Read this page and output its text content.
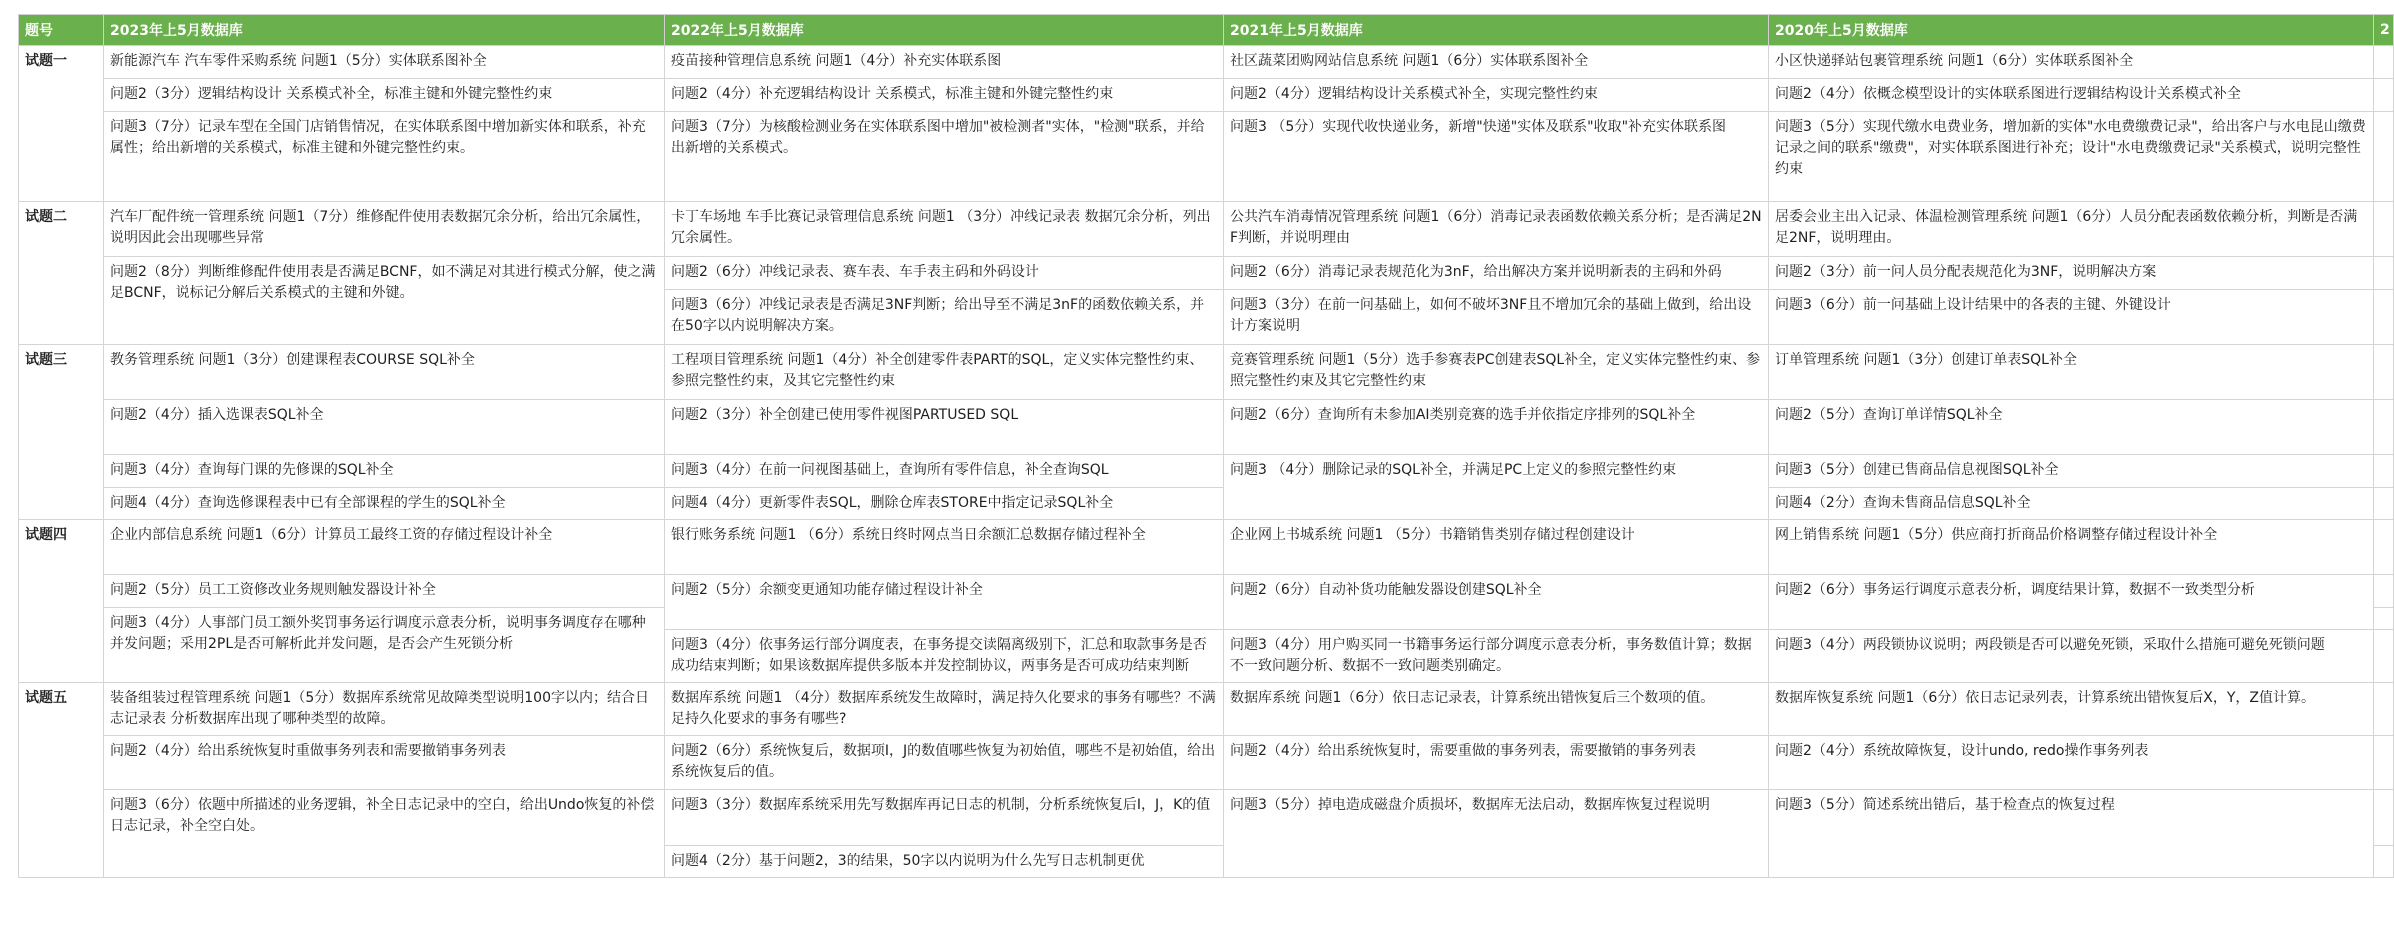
题号	2023年上5月数据库	2022年上5月数据库	2021年上5月数据库	2020年上5月数据库	2
试题一	新能源汽车 汽车零件采购系统 问题1（5分）实体联系图补全	疫苗接种管理信息系统 问题1（4分）补充实体联系图	社区蔬菜团购网站信息系统 问题1（6分）实体联系图补全	小区快递驿站包裹管理系统 问题1（6分）实体联系图补全	
	问题2（3分）逻辑结构设计 关系模式补全，标准主键和外键完整性约束	问题2（4分）补充逻辑结构设计 关系模式，标准主键和外键完整性约束	问题2（4分）逻辑结构设计关系模式补全，实现完整性约束	问题2（4分）依概念模型设计的实体联系图进行逻辑结构设计关系模式补全	
	问题3（7分）记录车型在全国门店销售情况，在实体联系图中增加新实体和联系，补充属性；给出新增的关系模式，标准主键和外键完整性约束。	问题3（7分）为核酸检测业务在实体联系图中增加"被检测者"实体，"检测"联系，并给出新增的关系模式。	问题3 （5分）实现代收快递业务，新增"快递"实体及联系"收取"补充实体联系图	问题3（5分）实现代缴水电费业务，增加新的实体"水电费缴费记录"，给出客户与水电昆山缴费记录之间的联系"缴费"，对实体联系图进行补充；设计"水电费缴费记录"关系模式，说明完整性约束	
试题二	汽车厂配件统一管理系统 问题1（7分）维修配件使用表数据冗余分析，给出冗余属性，说明因此会出现哪些异常	卡丁车场地 车手比赛记录管理信息系统 问题1 （3分）冲线记录表 数据冗余分析，列出冗余属性。	公共汽车消毒情况管理系统 问题1（6分）消毒记录表函数依赖关系分析；是否满足2NF判断，并说明理由	居委会业主出入记录、体温检测管理系统 问题1（6分）人员分配表函数依赖分析，判断是否满足2NF，说明理由。	
	问题2（8分）判断维修配件使用表是否满足BCNF，如不满足对其进行模式分解，使之满足BCNF，说标记分解后关系模式的主键和外键。	问题2（6分）冲线记录表、赛车表、车手表主码和外码设计	问题2（6分）消毒记录表规范化为3nF，给出解决方案并说明新表的主码和外码	问题2（3分）前一问人员分配表规范化为3NF，说明解决方案	
		问题3（6分）冲线记录表是否满足3NF判断；给出导至不满足3nF的函数依赖关系，并在50字以内说明解决方案。	问题3（3分）在前一问基础上，如何不破坏3NF且不增加冗余的基础上做到，给出设计方案说明	问题3（6分）前一问基础上设计结果中的各表的主键、外键设计	
试题三	教务管理系统 问题1（3分）创建课程表COURSE SQL补全	工程项目管理系统 问题1（4分）补全创建零件表PART的SQL，定义实体完整性约束、参照完整性约束，及其它完整性约束	竞赛管理系统 问题1（5分）选手参赛表PC创建表SQL补全，定义实体完整性约束、参照完整性约束及其它完整性约束	订单管理系统 问题1（3分）创建订单表SQL补全	
	问题2（4分）插入选课表SQL补全	问题2（3分）补全创建已使用零件视图PARTUSED SQL	问题2（6分）查询所有未参加AI类别竞赛的选手并依指定序排列的SQL补全	问题2（5分）查询订单详情SQL补全	
	问题3（4分）查询每门课的先修课的SQL补全	问题3（4分）在前一问视图基础上，查询所有零件信息，补全查询SQL	问题3 （4分）删除记录的SQL补全，并满足PC上定义的参照完整性约束	问题3（5分）创建已售商品信息视图SQL补全	
	问题4（4分）查询选修课程表中已有全部课程的学生的SQL补全	问题4（4分）更新零件表SQL，删除仓库表STORE中指定记录SQL补全		问题4（2分）查询未售商品信息SQL补全	
试题四	企业内部信息系统 问题1（6分）计算员工最终工资的存储过程设计补全	银行账务系统 问题1 （6分）系统日终时网点当日余额汇总数据存储过程补全	企业网上书城系统 问题1 （5分）书籍销售类别存储过程创建设计	网上销售系统 问题1（5分）供应商打折商品价格调整存储过程设计补全	
	问题2（5分）员工工资修改业务规则触发器设计补全	问题2（5分）余额变更通知功能存储过程设计补全	问题2（6分）自动补货功能触发器设创建SQL补全	问题2（6分）事务运行调度示意表分析，调度结果计算，数据不一致类型分析	
	问题3（4分）人事部门员工额外奖罚事务运行调度示意表分析，说明事务调度存在哪种并发问题；采用2PL是否可解析此并发问题，是否会产生死锁分析				
		问题3（4分）依事务运行部分调度表，在事务提交读隔离级别下，汇总和取款事务是否成功结束判断；如果该数据库提供多版本并发控制协议，两事务是否可成功结束判断	问题3（4分）用户购买同一书籍事务运行部分调度示意表分析，事务数值计算；数据不一致问题分析、数据不一致问题类别确定。	问题3（4分）两段锁协议说明；两段锁是否可以避免死锁，采取什么措施可避免死锁问题	
试题五	装备组装过程管理系统 问题1（5分）数据库系统常见故障类型说明100字以内；结合日志记录表 分析数据库出现了哪种类型的故障。	数据库系统 问题1 （4分）数据库系统发生故障时，满足持久化要求的事务有哪些？不满足持久化要求的事务有哪些?	数据库系统 问题1（6分）依日志记录表，计算系统出错恢复后三个数项的值。	数据库恢复系统 问题1（6分）依日志记录列表，计算系统出错恢复后X，Y，Z值计算。	
	问题2（4分）给出系统恢复时重做事务列表和需要撤销事务列表	问题2（6分）系统恢复后，数据项I，J的数值哪些恢复为初始值，哪些不是初始值，给出系统恢复后的值。	问题2（4分）给出系统恢复时，需要重做的事务列表，需要撤销的事务列表	问题2（4分）系统故障恢复，设计undo, redo操作事务列表	
	问题3（6分）依题中所描述的业务逻辑，补全日志记录中的空白，给出Undo恢复的补偿日志记录，补全空白处。	问题3（3分）数据库系统采用先写数据库再记日志的机制，分析系统恢复后I，J，K的值	问题3（5分）掉电造成磁盘介质损坏，数据库无法启动，数据库恢复过程说明	问题3（5分）简述系统出错后，基于检查点的恢复过程	
		问题4（2分）基于问题2，3的结果，50字以内说明为什么先写日志机制更优			
